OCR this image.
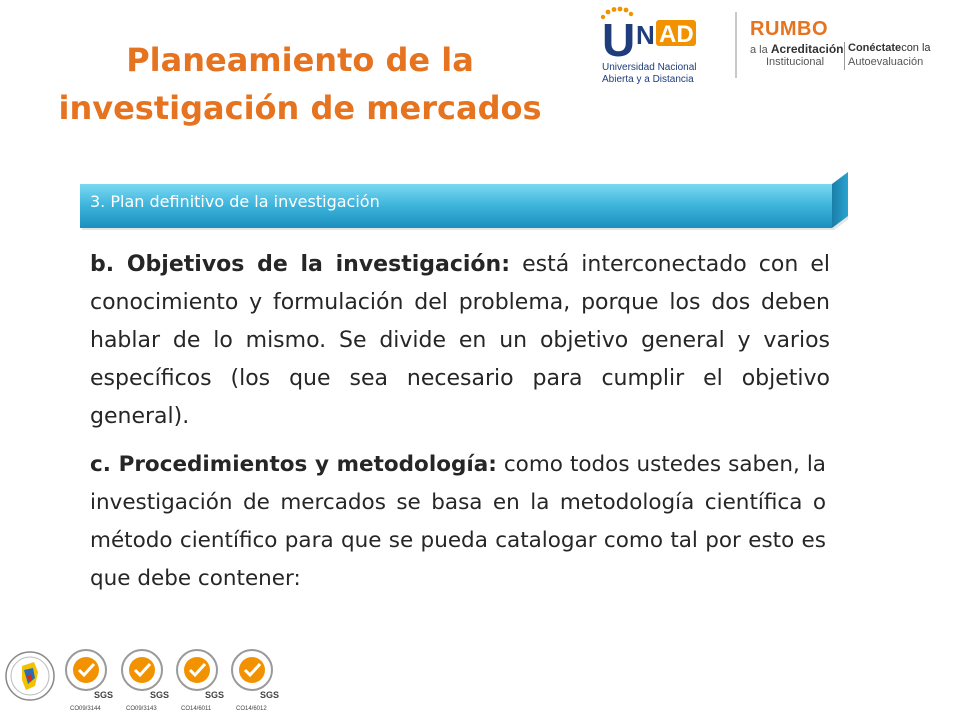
Planeamiento de la
investigación de mercados
U N AD
Universidad Nacional
Abierta y a Distancia
RUMBO
a la Acreditación
Institucional
Conéctatecon la
Autoevaluación
3. Plan definitivo de la investigación

b. Objetivos de la investigación: está interconectado con el conocimiento y formulación del problema, porque los dos deben hablar de lo mismo. Se divide en un objetivo general y varios específicos (los que sea necesario para cumplir el objetivo general).

c. Procedimientos y metodología: como todos ustedes saben, la investigación de mercados se basa en la metodología científica o método científico para que se pueda catalogar como tal por esto es que debe contener:

SGS
CO09/3144
SGS
CO09/3143
SGS
CO14/6011
SGS
CO14/6012
